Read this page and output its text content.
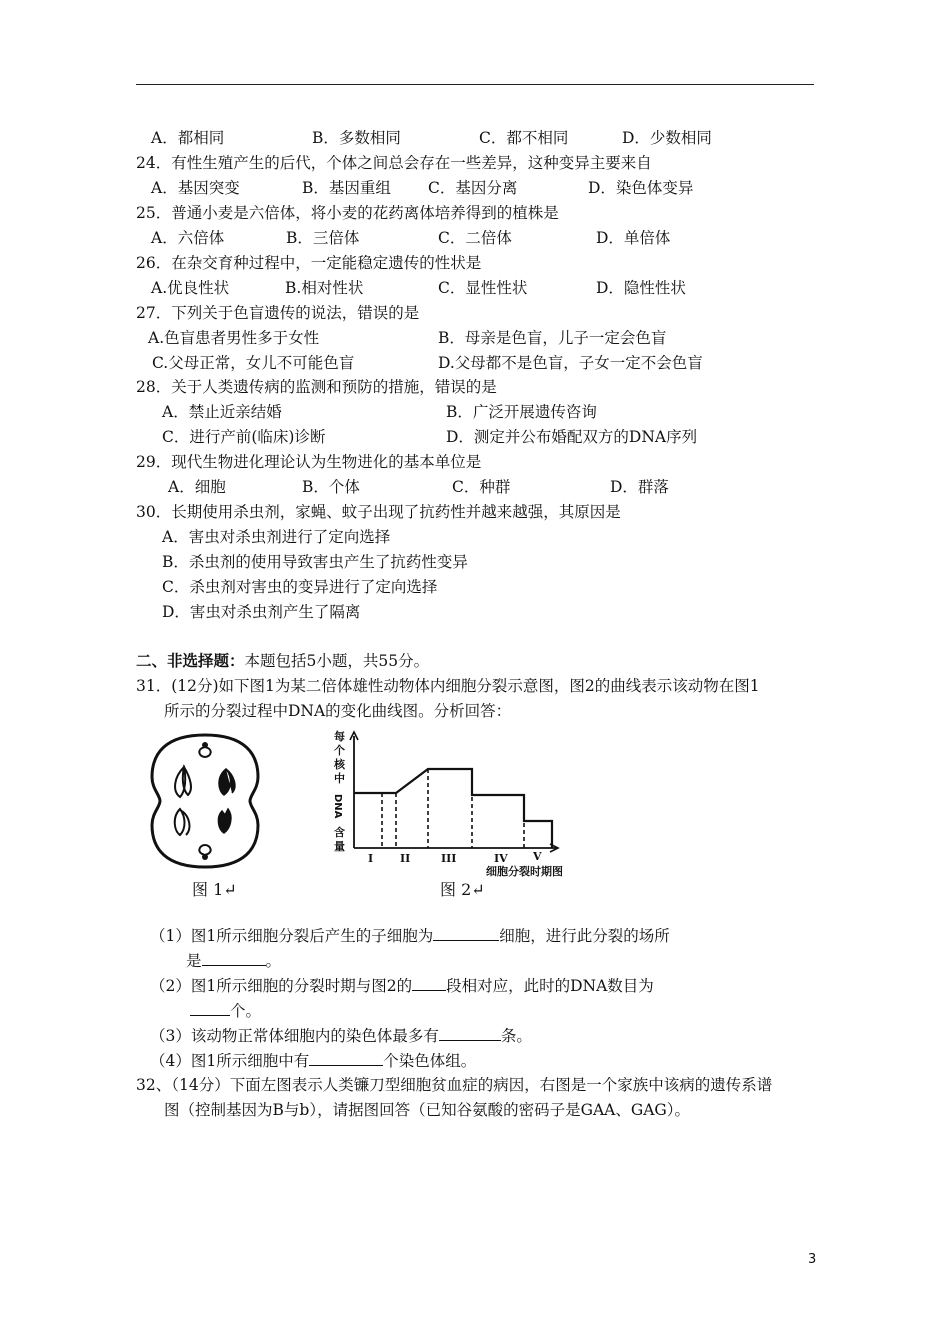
A．都相同	B．多数相同	C．都不相同	D．少数相同
24．有性生殖产生的后代，个体之间总会存在一些差异，这种变异主要来自
A．基因突变	B．基因重组 C．基因分离	D．染色体变异
25．普通小麦是六倍体，将小麦的花药离体培养得到的植株是
A．六倍体	B．三倍体	C．二倍体	D．单倍体
26．在杂交育种过程中，一定能稳定遗传的性状是
A.优良性状	B.相对性状	C．显性性状	D．隐性性状
27．下列关于色盲遗传的说法，错误的是
A.色盲患者男性多于女性	B．母亲是色盲，儿子一定会色盲
C.父母正常，女儿不可能色盲	D.父母都不是色盲，子女一定不会色盲
28．关于人类遗传病的监测和预防的措施，错误的是
A．禁止近亲结婚	B．广泛开展遗传咨询
C．进行产前(临床)诊断	D．测定并公布婚配双方的DNA序列
29．现代生物进化理论认为生物进化的基本单位是
A．细胞	B．个体	C．种群	D．群落
30．长期使用杀虫剂，家蝇、蚊子出现了抗药性并越来越强，其原因是
A．害虫对杀虫剂进行了定向选择
B．杀虫剂的使用导致害虫产生了抗药性变异
C．杀虫剂对害虫的变异进行了定向选择
D．害虫对杀虫剂产生了隔离
二、非选择题：本题包括5小题，共55分。
31．(12分)如下图1为某二倍体雄性动物体内细胞分裂示意图，图2的曲线表示该动物在图1
所示的分裂过程中DNA的变化曲线图。分析回答：
图 1↵
每
个
核
中
DNA
含
量
I II	III	IV V
细胞分裂时期图
图 2↵
（1）图1所示细胞分裂后产生的子细胞为	细胞，进行此分裂的场所
是	。
（2）图1所示细胞的分裂时期与图2的 段相对应，此时的DNA数目为
个。
（3）该动物正常体细胞内的染色体最多有	条。
（4）图1所示细胞中有	个染色体组。
32、（14分）下面左图表示人类镰刀型细胞贫血症的病因，右图是一个家族中该病的遗传系谱
图（控制基因为B与b），请据图回答（已知谷氨酸的密码子是GAA、GAG）。
3
